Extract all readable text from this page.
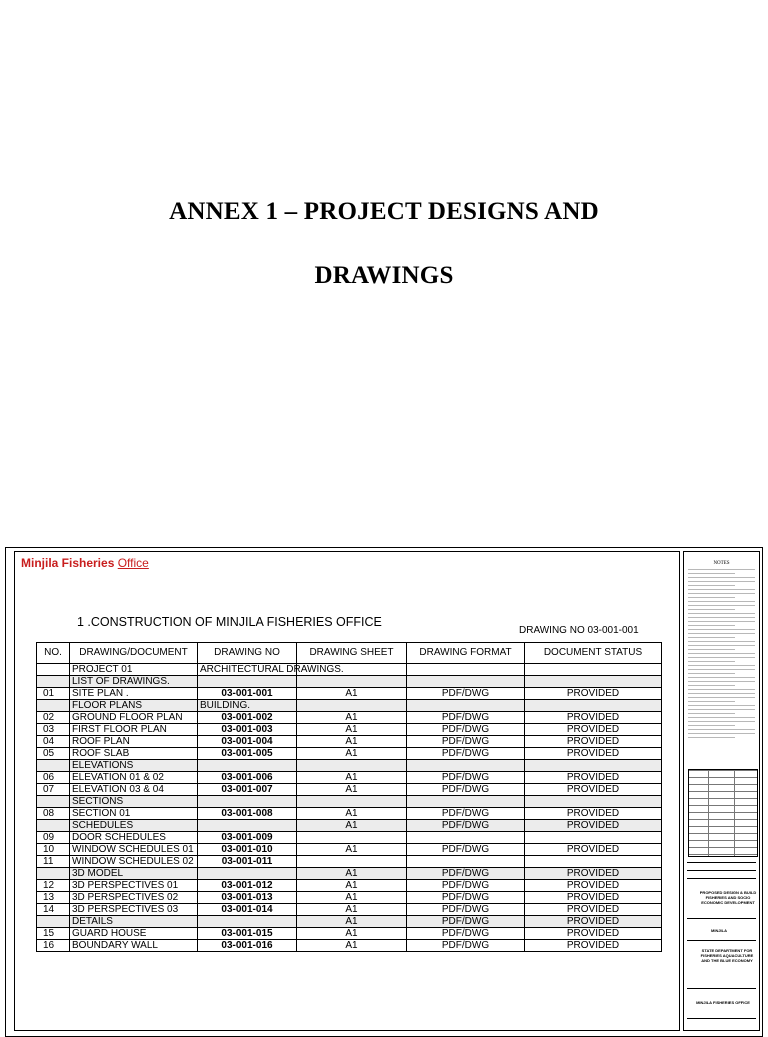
ANNEX 1 – PROJECT DESIGNS AND
DRAWINGS
Minjila Fisheries Office
1 .CONSTRUCTION OF MINJILA FISHERIES OFFICE
DRAWING NO 03-001-001
NO.	DRAWING/DOCUMENT	DRAWING NO	DRAWING SHEET	DRAWING FORMAT	DOCUMENT STATUS
	PROJECT 01	ARCHITECTURAL DRAWINGS.			
	LIST OF DRAWINGS.				
01	SITE PLAN .	03-001-001	A1	PDF/DWG	PROVIDED
	FLOOR PLANS	BUILDING.			
02	GROUND FLOOR PLAN	03-001-002	A1	PDF/DWG	PROVIDED
03	FIRST FLOOR PLAN	03-001-003	A1	PDF/DWG	PROVIDED
04	ROOF PLAN	03-001-004	A1	PDF/DWG	PROVIDED
05	ROOF SLAB	03-001-005	A1	PDF/DWG	PROVIDED
	ELEVATIONS				
06	ELEVATION 01 & 02	03-001-006	A1	PDF/DWG	PROVIDED
07	ELEVATION 03 & 04	03-001-007	A1	PDF/DWG	PROVIDED
	SECTIONS				
08	SECTION 01	03-001-008	A1	PDF/DWG	PROVIDED
	SCHEDULES		A1	PDF/DWG	PROVIDED
09	DOOR SCHEDULES	03-001-009			
10	WINDOW SCHEDULES 01	03-001-010	A1	PDF/DWG	PROVIDED
11	WINDOW SCHEDULES 02	03-001-011			
	3D MODEL		A1	PDF/DWG	PROVIDED
12	3D PERSPECTIVES 01	03-001-012	A1	PDF/DWG	PROVIDED
13	3D PERSPECTIVES 02	03-001-013	A1	PDF/DWG	PROVIDED
14	3D PERSPECTIVES 03	03-001-014	A1	PDF/DWG	PROVIDED
	DETAILS		A1	PDF/DWG	PROVIDED
15	GUARD HOUSE	03-001-015	A1	PDF/DWG	PROVIDED
16	BOUNDARY WALL	03-001-016	A1	PDF/DWG	PROVIDED
NOTES
PROPOSED DESIGN & BUILD FISHERIES AND SOCIO ECONOMIC DEVELOPMENT
MINJILA
STATE DEPARTMENT FOR FISHERIES AQUACULTURE AND THE BLUE ECONOMY
MINJILA FISHERIES OFFICE
